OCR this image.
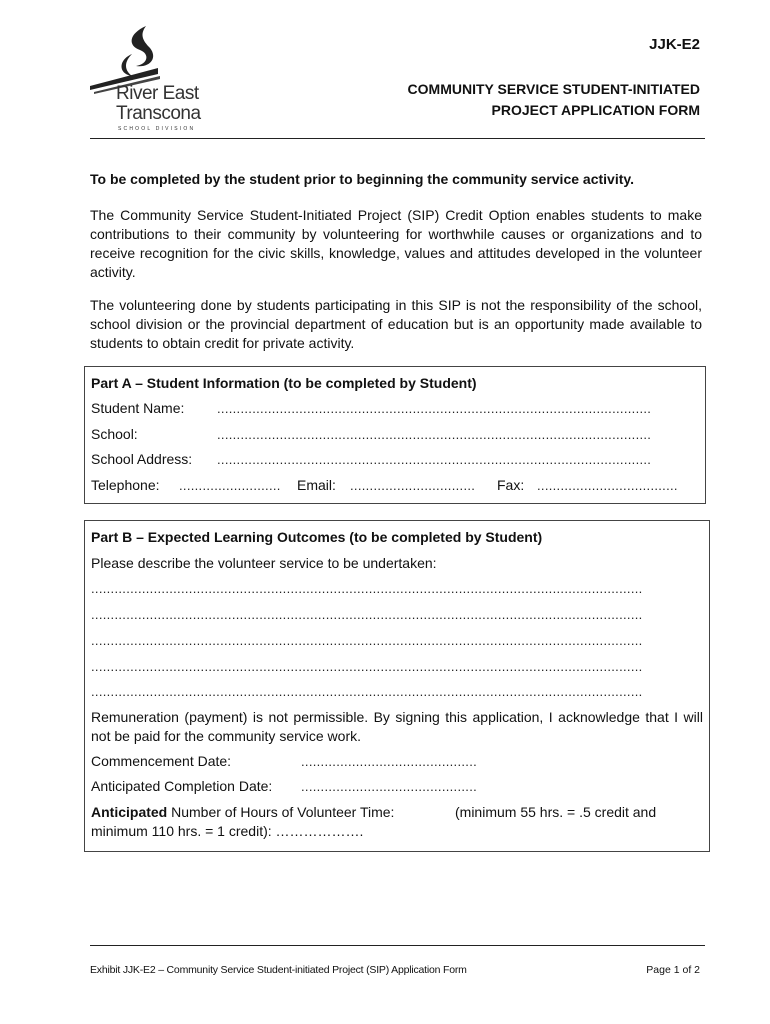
River East
Transcona
SCHOOL DIVISION
JJK-E2
COMMUNITY SERVICE STUDENT-INITIATED
PROJECT APPLICATION FORM
To be completed by the student prior to beginning the community service activity.
The Community Service Student-Initiated Project (SIP) Credit Option enables students to make contributions to their community by volunteering for worthwhile causes or organizations and to receive recognition for the civic skills, knowledge, values and attitudes developed in the volunteer activity.
The volunteering done by students participating in this SIP is not the responsibility of the school, school division or the provincial department of education but is an opportunity made available to students to obtain credit for private activity.
Part A – Student Information (to be completed by Student)
Student Name:	...............................................................................................................
School:	...............................................................................................................
School Address: ...............................................................................................................
Telephone: ..........................	Email: ................................	Fax: ....................................
Part B – Expected Learning Outcomes (to be completed by Student)
Please describe the volunteer service to be undertaken:
.............................................................................................................................................
.............................................................................................................................................
.............................................................................................................................................
.............................................................................................................................................
.............................................................................................................................................
Remuneration (payment) is not permissible. By signing this application, I acknowledge that I will not be paid for the community service work.
Commencement Date:	.............................................
Anticipated Completion Date: .............................................
Anticipated Number of Hours of Volunteer Time:	(minimum 55 hrs. = .5 credit and
minimum 110 hrs. = 1 credit): ……………….
Exhibit JJK-E2 – Community Service Student-initiated Project (SIP) Application Form	Page 1 of 2
